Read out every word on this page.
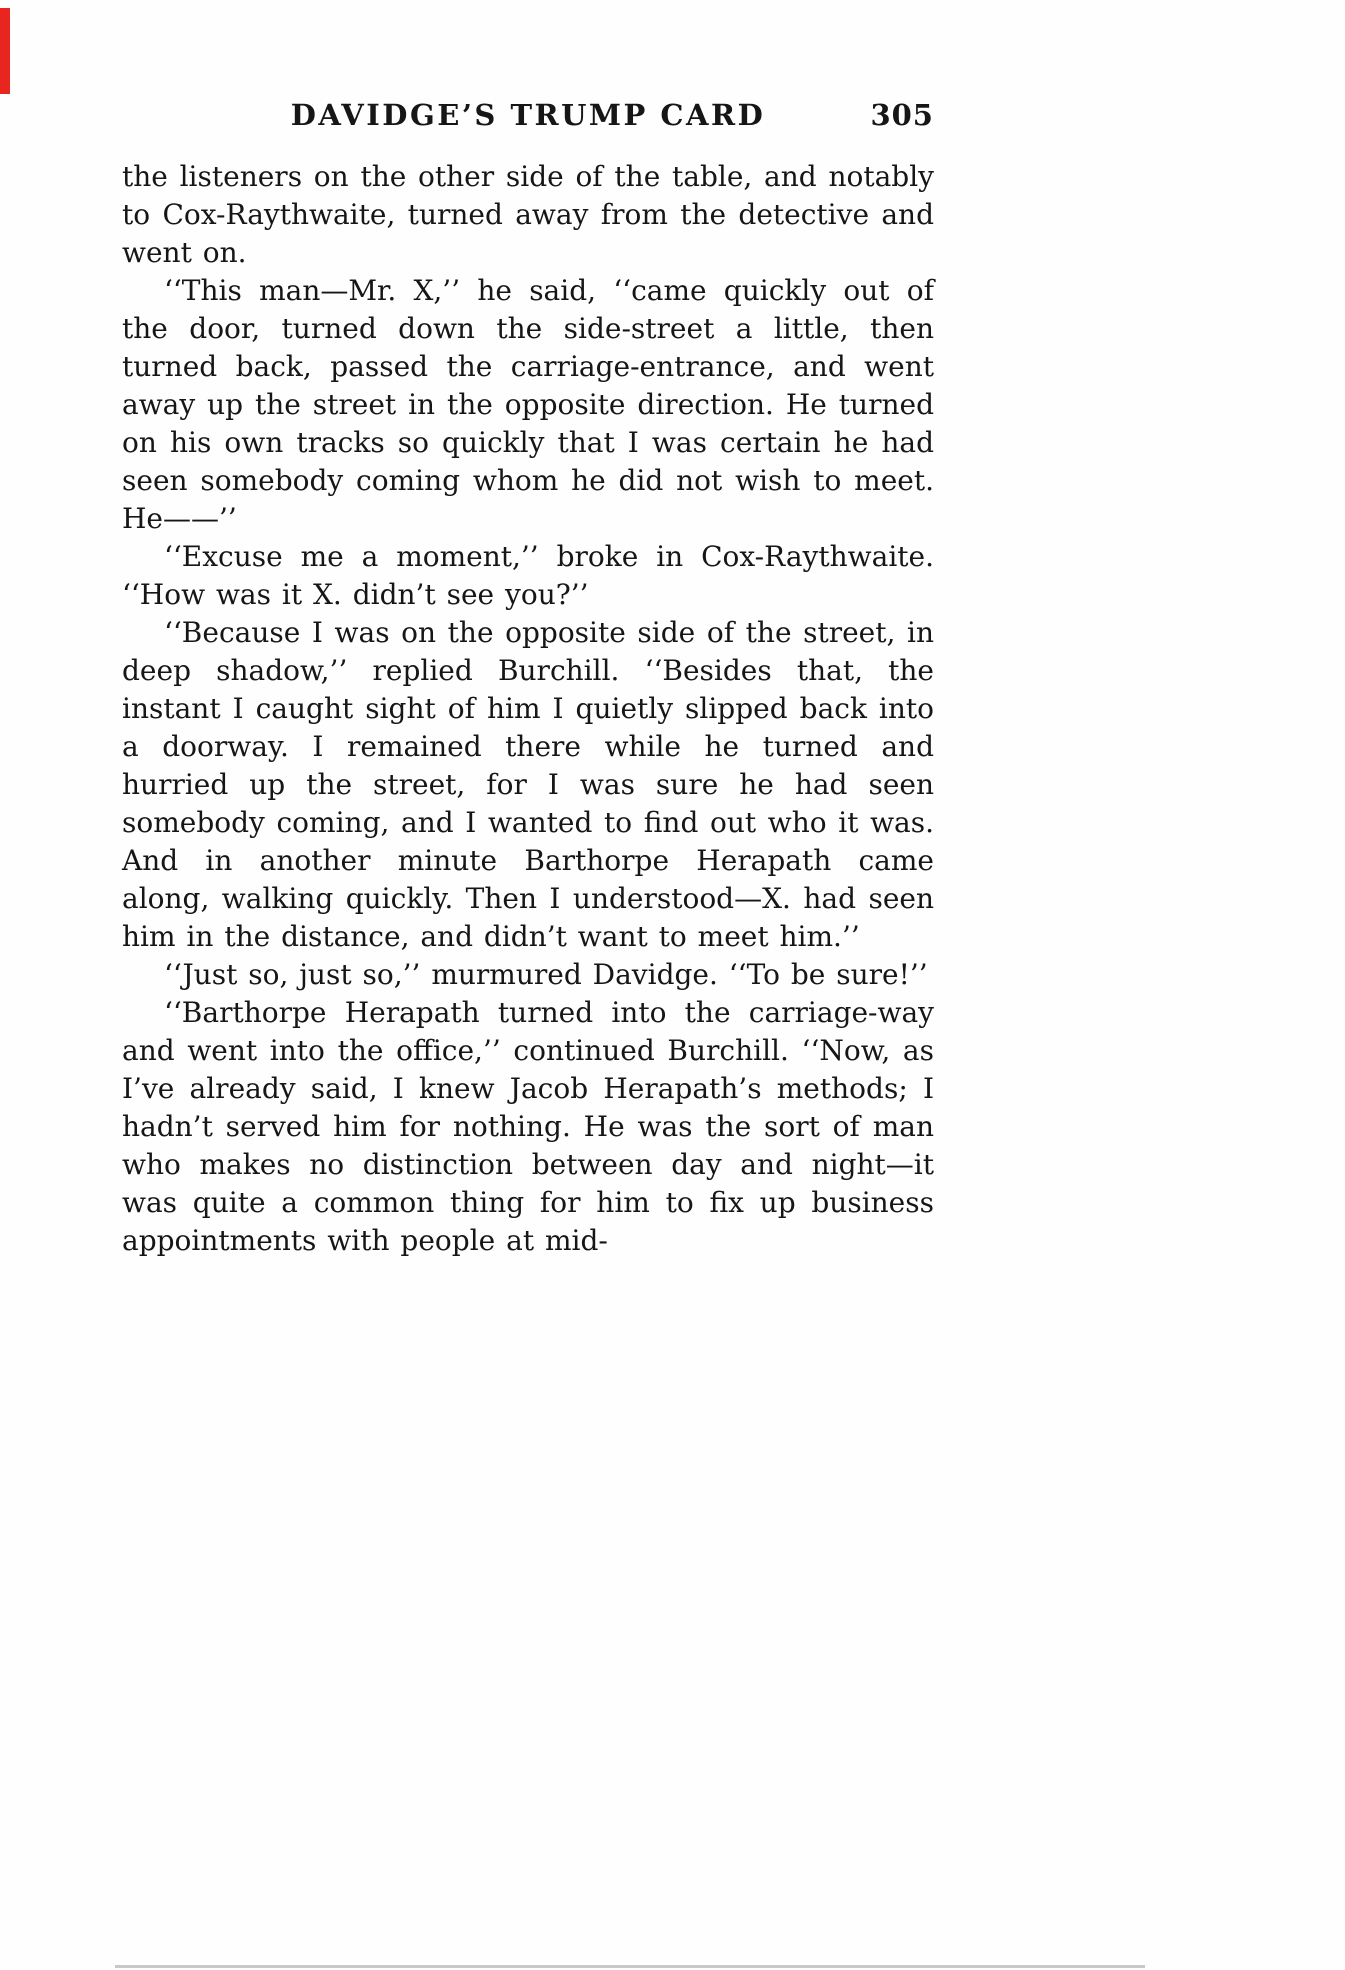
DAVIDGE’S TRUMP CARD	305

the listeners on the other side of the table, and notably to Cox-Raythwaite, turned away from the detective and went on.

‘‘This man—Mr. X,’’ he said, ‘‘came quickly out of the door, turned down the side-street a little, then turned back, passed the carriage-entrance, and went away up the street in the opposite direction. He turned on his own tracks so quickly that I was certain he had seen somebody coming whom he did not wish to meet. He——’’

‘‘Excuse me a moment,’’ broke in Cox-Raythwaite. ‘‘How was it X. didn’t see you?’’

‘‘Because I was on the opposite side of the street, in deep shadow,’’ replied Burchill. ‘‘Besides that, the instant I caught sight of him I quietly slipped back into a doorway. I remained there while he turned and hurried up the street, for I was sure he had seen somebody coming, and I wanted to find out who it was. And in another minute Barthorpe Herapath came along, walking quickly. Then I understood—X. had seen him in the distance, and didn’t want to meet him.’’

‘‘Just so, just so,’’ murmured Davidge. ‘‘To be sure!’’

‘‘Barthorpe Herapath turned into the carriage-way and went into the office,’’ continued Burchill. ‘‘Now, as I’ve already said, I knew Jacob Herapath’s methods; I hadn’t served him for nothing. He was the sort of man who makes no distinction between day and night—it was quite a common thing for him to fix up business appointments with people at mid-
